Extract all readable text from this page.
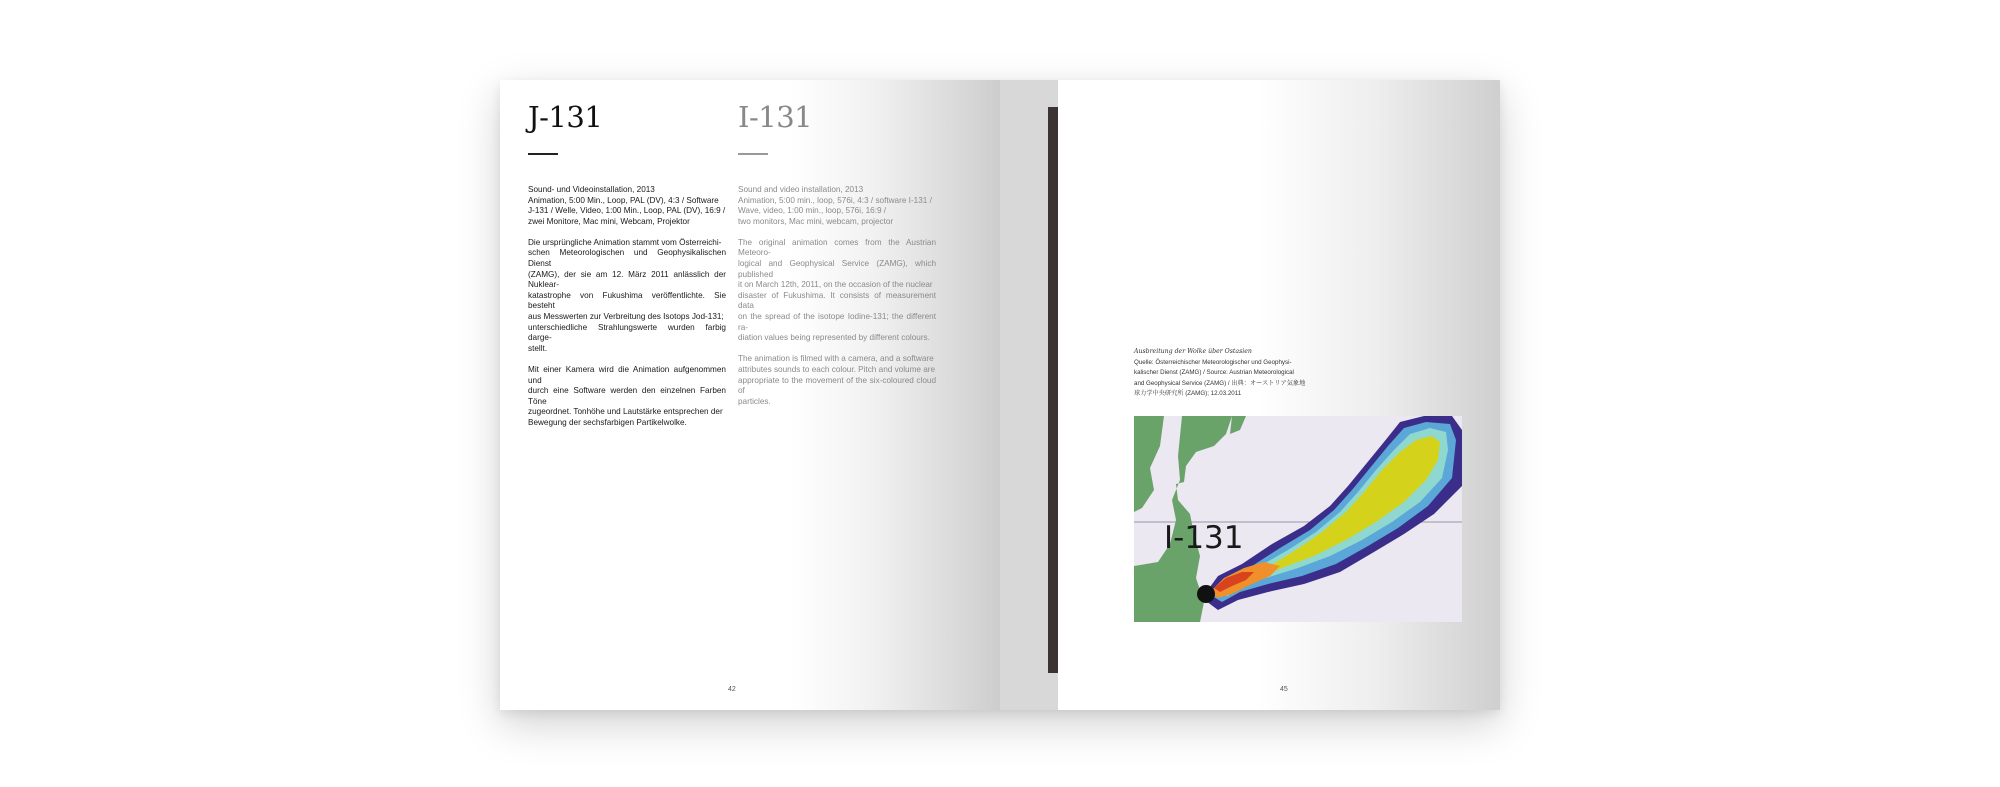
J-131	I-131

Sound- und Videoinstallation, 2013
Animation, 5:00 Min., Loop, PAL (DV), 4:3 / Software
J-131 / Welle, Video, 1:00 Min., Loop, PAL (DV), 16:9 /
zwei Monitore, Mac mini, Webcam, Projektor

Die ursprüngliche Animation stammt vom Österreichi-
schen Meteorologischen und Geophysikalischen Dienst
(ZAMG), der sie am 12. März 2011 anlässlich der Nuklear-
katastrophe von Fukushima veröffentlichte. Sie besteht
aus Messwerten zur Verbreitung des Isotops Jod-131;
unterschiedliche Strahlungswerte wurden farbig darge-
stellt.

Mit einer Kamera wird die Animation aufgenommen und
durch eine Software werden den einzelnen Farben Töne
zugeordnet. Tonhöhe und Lautstärke entsprechen der
Bewegung der sechsfarbigen Partikelwolke.

Sound and video installation, 2013
Animation, 5:00 min., loop, 576i, 4:3 / software I-131 /
Wave, video, 1:00 min., loop, 576i, 16:9 /
two monitors, Mac mini, webcam, projector

The original animation comes from the Austrian Meteoro-
logical and Geophysical Service (ZAMG), which published
it on March 12th, 2011, on the occasion of the nuclear
disaster of Fukushima. It consists of measurement data
on the spread of the isotope Iodine-131; the different ra-
diation values being represented by different colours.

The animation is filmed with a camera, and a software
attributes sounds to each colour. Pitch and volume are
appropriate to the movement of the six-coloured cloud of
particles.

42
Ausbreitung der Wolke über Ostasien
Quelle: Österreichischer Meteorologischer und Geophysi-
kalischer Dienst (ZAMG) / Source: Austrian Meteorological
and Geophysical Service (ZAMG) / 出典：オーストリア気象地
球力学中央研究所 (ZAMG); 12.03.2011
I-131
45
